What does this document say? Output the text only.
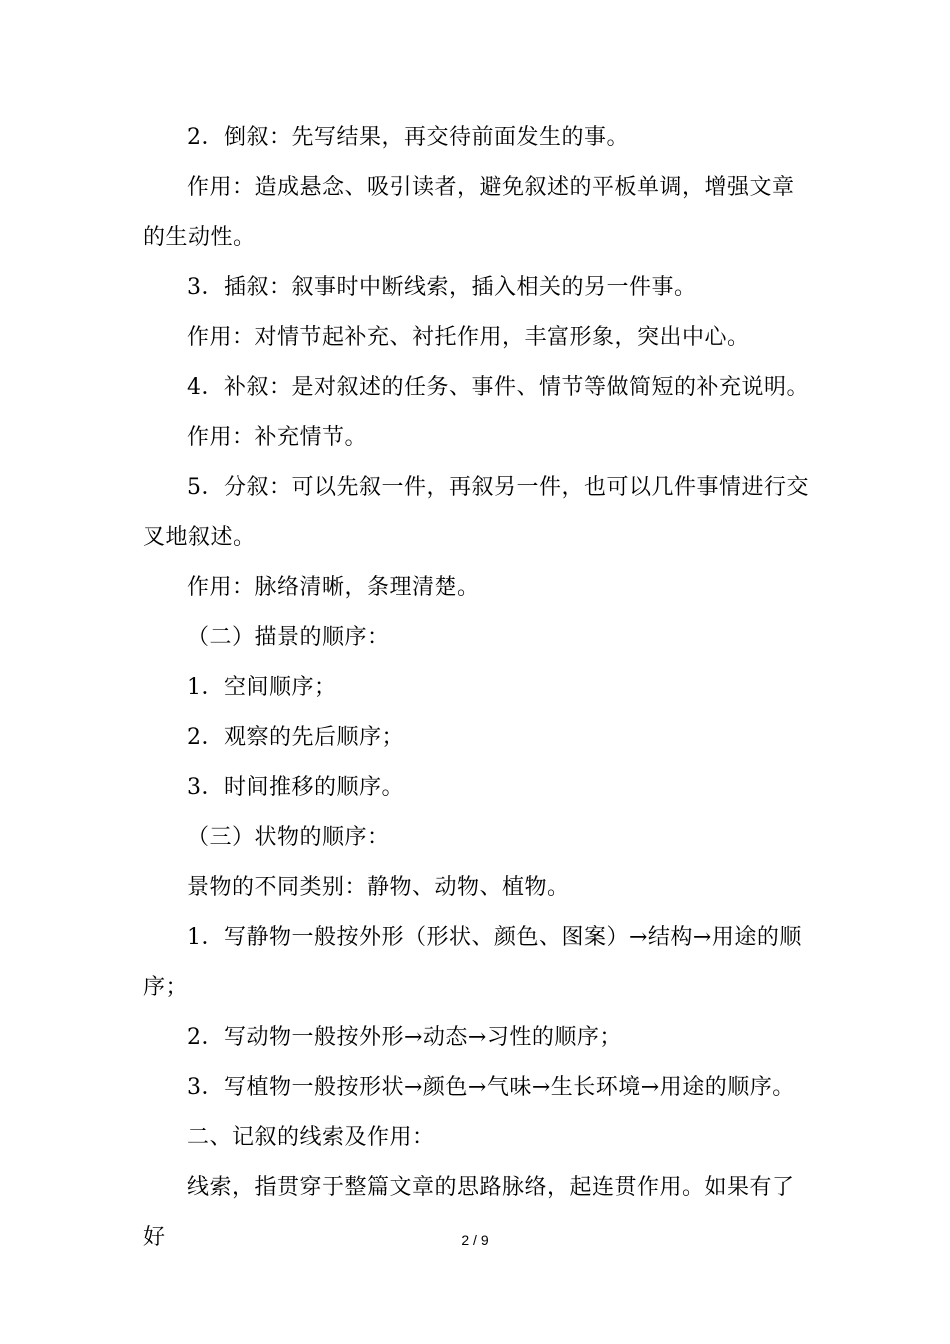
2．倒叙：先写结果，再交待前面发生的事。

作用：造成悬念、吸引读者，避免叙述的平板单调，增强文章的生动性。

3．插叙：叙事时中断线索，插入相关的另一件事。

作用：对情节起补充、衬托作用，丰富形象，突出中心。

4．补叙：是对叙述的任务、事件、情节等做简短的补充说明。

作用：补充情节。

5．分叙：可以先叙一件，再叙另一件，也可以几件事情进行交叉地叙述。

作用：脉络清晰，条理清楚。

（二）描景的顺序：

1．空间顺序；

2．观察的先后顺序；

3．时间推移的顺序。

（三）状物的顺序：

景物的不同类别：静物、动物、植物。

1．写静物一般按外形（形状、颜色、图案）→结构→用途的顺序；

2．写动物一般按外形→动态→习性的顺序；

3．写植物一般按形状→颜色→气味→生长环境→用途的顺序。

二、记叙的线索及作用：

线索，指贯穿于整篇文章的思路脉络，起连贯作用。如果有了好	2 / 9
